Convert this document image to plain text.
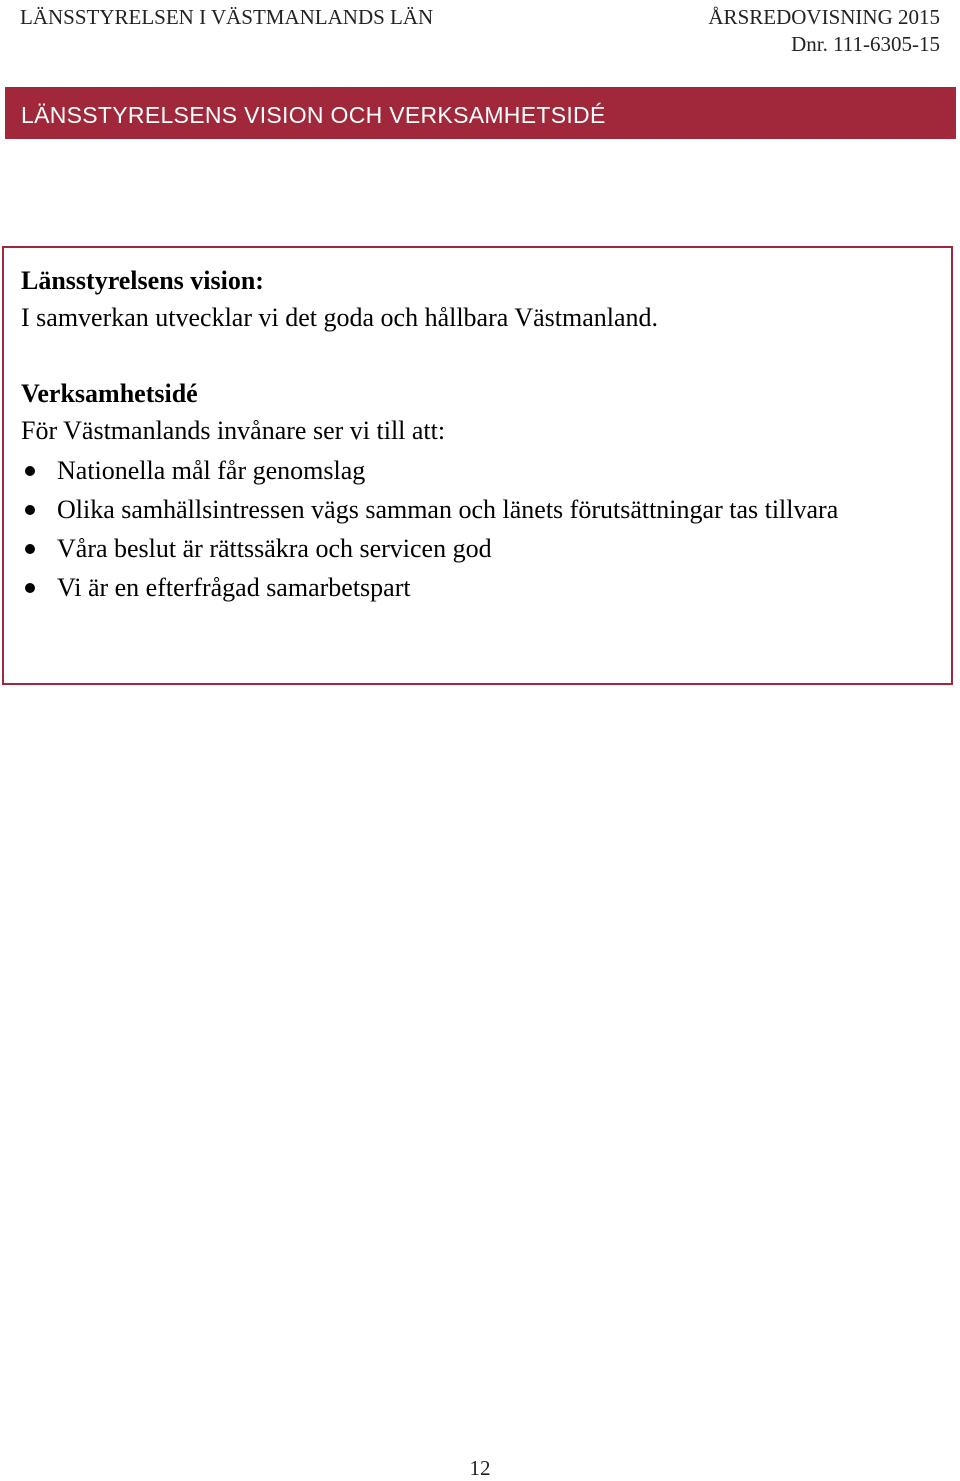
LÄNSSTYRELSEN I VÄSTMANLANDS LÄN	ÅRSREDOVISNING 2015
Dnr. 111-6305-15
LÄNSSTYRELSENS VISION OCH VERKSAMHETSIDÉ
Länsstyrelsens vision:
I samverkan utvecklar vi det goda och hållbara Västmanland.
Verksamhetsidé
För Västmanlands invånare ser vi till att:
Nationella mål får genomslag
Olika samhällsintressen vägs samman och länets förutsättningar tas tillvara
Våra beslut är rättssäkra och servicen god
Vi är en efterfrågad samarbetspart
12
